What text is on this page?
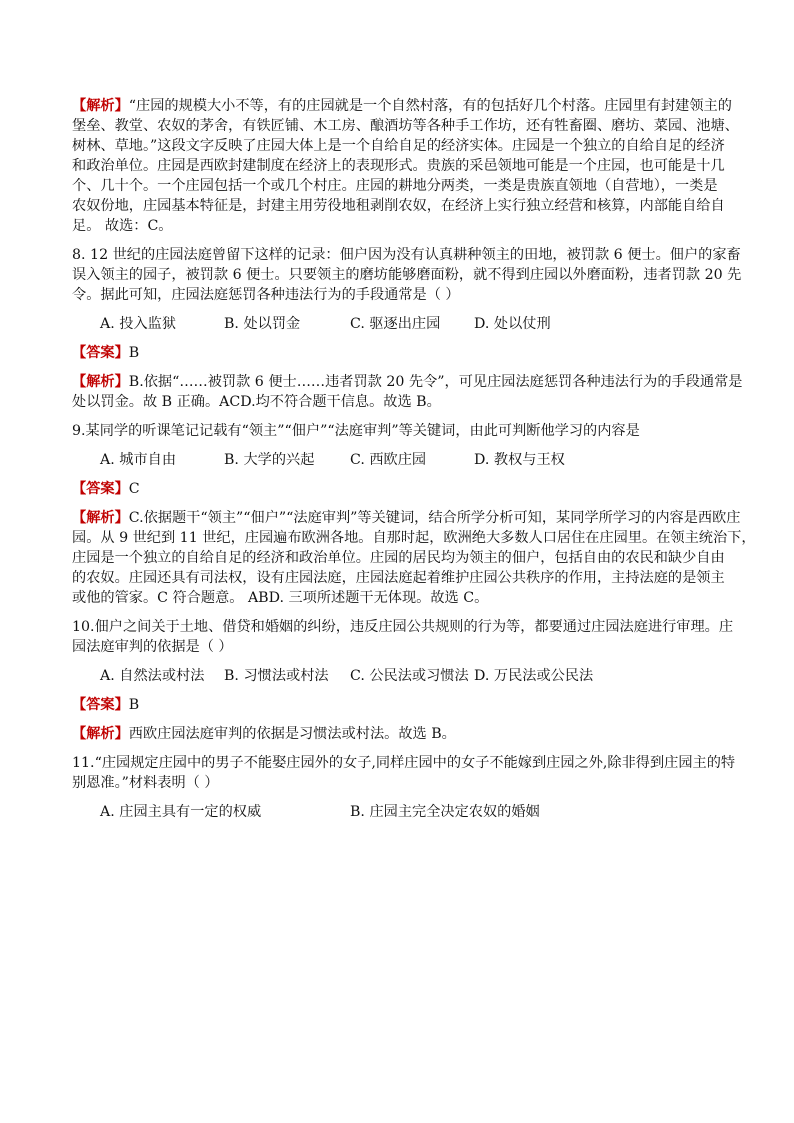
【解析】“庄园的规模大小不等，有的庄园就是一个自然村落，有的包括好几个村落。庄园里有封建领主的
堡垒、教堂、农奴的茅舍，有铁匠铺、木工房、酿酒坊等各种手工作坊，还有牲畜圈、磨坊、菜园、池塘、
树林、草地。”这段文字反映了庄园大体上是一个自给自足的经济实体。庄园是一个独立的自给自足的经济
和政治单位。庄园是西欧封建制度在经济上的表现形式。贵族的采邑领地可能是一个庄园，也可能是十几
个、几十个。一个庄园包括一个或几个村庄。庄园的耕地分两类，一类是贵族直领地（自营地），一类是
农奴份地，庄园基本特征是，封建主用劳役地租剥削农奴，在经济上实行独立经营和核算，内部能自给自
足。 故选：C。
8. 12 世纪的庄园法庭曾留下这样的记录：佃户因为没有认真耕种领主的田地，被罚款 6 便士。佃户的家畜
误入领主的园子，被罚款 6 便士。只要领主的磨坊能够磨面粉，就不得到庄园以外磨面粉，违者罚款 20 先
令。据此可知，庄园法庭惩罚各种违法行为的手段通常是（ ）
A. 投入监狱	B. 处以罚金	C. 驱逐出庄园	D. 处以仗刑
【答案】B
【解析】B.依据“……被罚款 6 便士……违者罚款 20 先令”，可见庄园法庭惩罚各种违法行为的手段通常是
处以罚金。故 B 正确。ACD.均不符合题干信息。故选 B。
9.某同学的听课笔记记载有“领主”“佃户”“法庭审判”等关键词，由此可判断他学习的内容是
A. 城市自由	B. 大学的兴起	C. 西欧庄园	D. 教权与王权
【答案】C
【解析】C.依据题干“领主”“佃户”“法庭审判”等关键词，结合所学分析可知，某同学所学习的内容是西欧庄
园。从 9 世纪到 11 世纪，庄园遍布欧洲各地。自那时起，欧洲绝大多数人口居住在庄园里。在领主统治下，
庄园是一个独立的自给自足的经济和政治单位。庄园的居民均为领主的佃户，包括自由的农民和缺少自由
的农奴。庄园还具有司法权，设有庄园法庭，庄园法庭起着维护庄园公共秩序的作用，主持法庭的是领主
或他的管家。C 符合题意。 ABD. 三项所述题干无体现。故选 C。
10.佃户之间关于土地、借贷和婚姻的纠纷，违反庄园公共规则的行为等，都要通过庄园法庭进行审理。庄
园法庭审判的依据是（ ）
A. 自然法或村法	B. 习惯法或村法	C. 公民法或习惯法 D. 万民法或公民法
【答案】B
【解析】西欧庄园法庭审判的依据是习惯法或村法。故选 B。
11.“庄园规定庄园中的男子不能娶庄园外的女子,同样庄园中的女子不能嫁到庄园之外,除非得到庄园主的特
别恩准。”材料表明（ ）
A. 庄园主具有一定的权威	B. 庄园主完全决定农奴的婚姻
